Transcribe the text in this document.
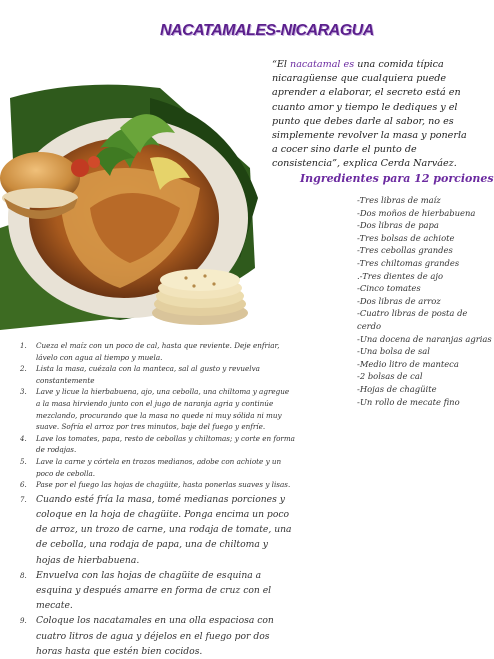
NACATAMALES-NICARAGUA
“El nacatamal es una comida típica nicaragüense que cualquiera puede aprender a elaborar, el secreto está en cuanto amor y tiempo le dediques y el punto que debes darle al sabor, no es simplemente revolver la masa y ponerla a cocer sino darle el punto de consistencia”, explica Cerda Narváez.
Ingredientes para 12 porciones
-Tres libras de maíz
-Dos moños de hierbabuena
-Dos libras de papa
-Tres bolsas de achiote
-Tres cebollas grandes
-Tres chiltomas grandes
.-Tres dientes de ajo
-Cinco tomates
-Dos libras de arroz
-Cuatro libras de posta de cerdo
-Una docena de naranjas agrias
-Una bolsa de sal
-Medio litro de manteca
-2 bolsas de cal
-Hojas de chagüite
-Un rollo de mecate fino
1.	Cueza el maíz con un poco de cal, hasta que reviente. Deje enfriar, lávelo con agua al tiempo y muela.
2.	Lista la masa, cuézala con la manteca, sal al gusto y revuelva constantemente
3.	Lave y licue la hierbabuena, ajo, una cebolla, una chiltoma y agregue a la masa hirviendo junto con el jugo de naranja agria y continúe mezclando, procurando que la masa no quede ni muy sólida ni muy suave. Sofría el arroz por tres minutos, baje del fuego y enfríe.
4.	Lave los tomates, papa, resto de cebollas y chiltomas; y corte en forma de rodajas.
5.	Lave la carne y córtela en trozos medianos, adobe con achiote y un poco de cebolla.
6.	Pase por el fuego las hojas de chagüite, hasta ponerlas suaves y lisas.
7.	Cuando esté fría la masa, tomé medianas porciones y coloque en la hoja de chagüite. Ponga encima un poco de arroz, un trozo de carne, una rodaja de tomate, una de cebolla, una rodaja de papa, una de chiltoma y hojas de hierbabuena.
8.	Envuelva con las hojas de chagüite de esquina a esquina y después amarre en forma de cruz con el mecate.
9.	Coloque los nacatamales en una olla espaciosa con cuatro litros de agua y déjelos en el fuego por dos horas hasta que estén bien cocidos.
